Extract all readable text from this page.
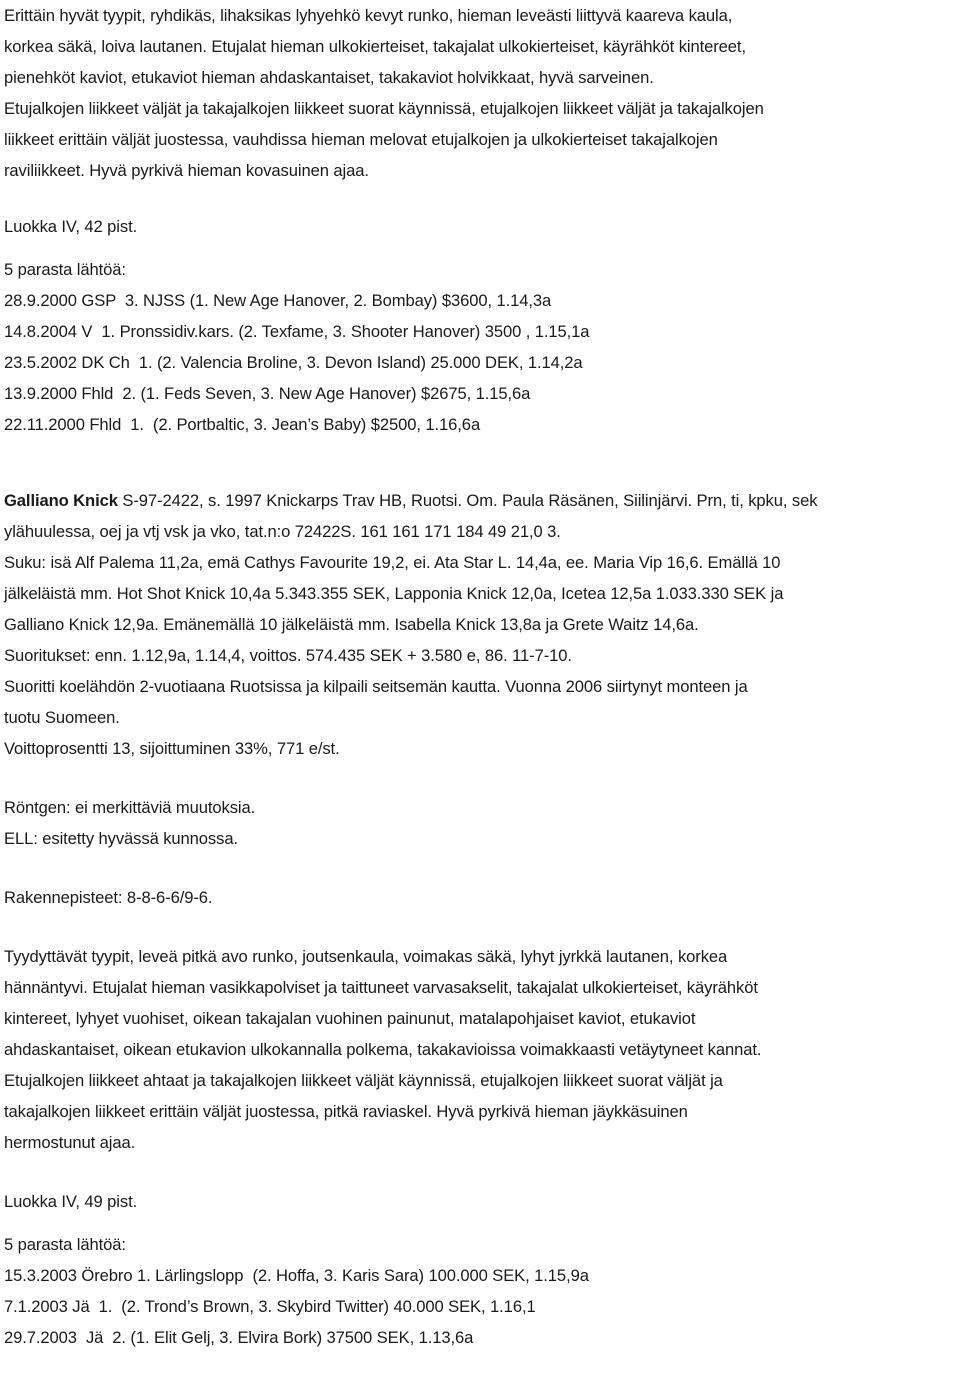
Erittäin hyvät tyypit, ryhdikäs, lihaksikas lyhyehkö kevyt runko, hieman leveästi liittyvä kaareva kaula,
korkea säkä, loiva lautanen. Etujalat hieman ulkokierteiset, takajalat ulkokierteiset, käyrähköt kintereet,
pienehköt kaviot, etukaviot hieman ahdaskantaiset, takakaviot holvikkaat, hyvä sarveinen.
Etujalkojen liikkeet väljät ja takajalkojen liikkeet suorat käynnissä, etujalkojen liikkeet väljät ja takajalkojen
liikkeet erittäin väljät juostessa, vauhdissa hieman melovat etujalkojen ja ulkokierteiset takajalkojen
raviliikkeet. Hyvä pyrkivä hieman kovasuinen ajaa.
Luokka IV, 42 pist.
5 parasta lähtöä:
28.9.2000 GSP  3. NJSS (1. New Age Hanover, 2. Bombay) $3600, 1.14,3a
14.8.2004 V  1. Pronssidiv.kars. (2. Texfame, 3. Shooter Hanover) 3500 , 1.15,1a
23.5.2002 DK Ch  1. (2. Valencia Broline, 3. Devon Island) 25.000 DEK, 1.14,2a
13.9.2000 Fhld  2. (1. Feds Seven, 3. New Age Hanover) $2675, 1.15,6a
22.11.2000 Fhld  1.  (2. Portbaltic, 3. Jean’s Baby) $2500, 1.16,6a
Galliano Knick S-97-2422, s. 1997 Knickarps Trav HB, Ruotsi. Om. Paula Räsänen, Siilinjärvi. Prn, ti, kpku, sek
ylähuulessa, oej ja vtj vsk ja vko, tat.n:o 72422S. 161 161 171 184 49 21,0 3.
Suku: isä Alf Palema 11,2a, emä Cathys Favourite 19,2, ei. Ata Star L. 14,4a, ee. Maria Vip 16,6. Emällä 10
jälkeläistä mm. Hot Shot Knick 10,4a 5.343.355 SEK, Lapponia Knick 12,0a, Icetea 12,5a 1.033.330 SEK ja
Galliano Knick 12,9a. Emänemällä 10 jälkeläistä mm. Isabella Knick 13,8a ja Grete Waitz 14,6a.
Suoritukset: enn. 1.12,9a, 1.14,4, voittos. 574.435 SEK + 3.580 e, 86. 11-7-10.
Suoritti koelähdön 2-vuotiaana Ruotsissa ja kilpaili seitsemän kautta. Vuonna 2006 siirtynyt monteen ja
tuotu Suomeen.
Voittoprosentti 13, sijoittuminen 33%, 771 e/st.
Röntgen: ei merkittäviä muutoksia.
ELL: esitetty hyvässä kunnossa.
Rakennepisteet: 8-8-6-6/9-6.
Tyydyttävät tyypit, leveä pitkä avo runko, joutsenkaula, voimakas säkä, lyhyt jyrkkä lautanen, korkea
hännäntyvi. Etujalat hieman vasikkapolviset ja taittuneet varvasakselit, takajalat ulkokierteiset, käyrähköt
kintereet, lyhyet vuohiset, oikean takajalan vuohinen painunut, matalapohjaiset kaviot, etukaviot
ahdaskantaiset, oikean etukavion ulkokannalla polkema, takakavioissa voimakkaasti vetäytyneet kannat.
Etujalkojen liikkeet ahtaat ja takajalkojen liikkeet väljät käynnissä, etujalkojen liikkeet suorat väljät ja
takajalkojen liikkeet erittäin väljät juostessa, pitkä raviaskel. Hyvä pyrkivä hieman jäykkäsuinen
hermostunut ajaa.
Luokka IV, 49 pist.
5 parasta lähtöä:
15.3.2003 Örebro 1. Lärlingslopp  (2. Hoffa, 3. Karis Sara) 100.000 SEK, 1.15,9a
7.1.2003 Jä  1.  (2. Trond’s Brown, 3. Skybird Twitter) 40.000 SEK, 1.16,1
29.7.2003  Jä  2. (1. Elit Gelj, 3. Elvira Bork) 37500 SEK, 1.13,6a
